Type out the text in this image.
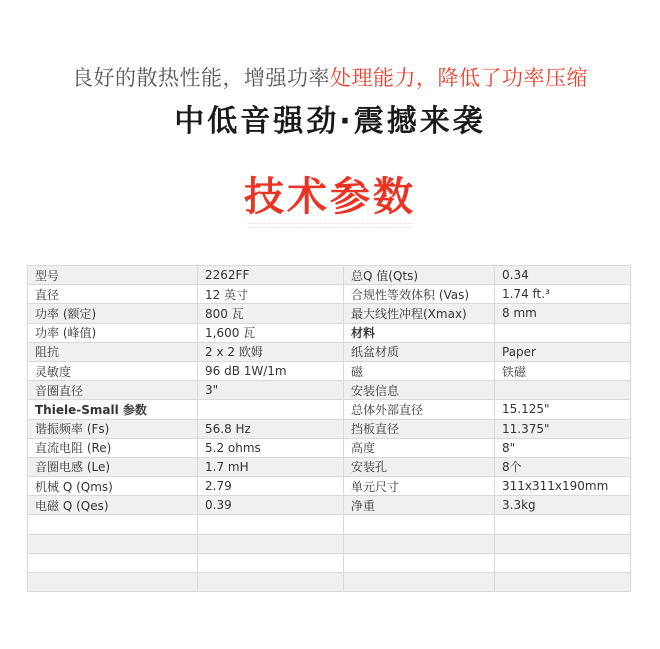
良好的散热性能，增强功率处理能力，降低了功率压缩
中低音强劲·震撼来袭
技术参数
··································································································································
··································································································································
型号	2262FF	总Q 值(Qts)	0.34
直径	12 英寸	合规性等效体积 (Vas)	1.74 ft.³
功率 (额定)	800 瓦	最大线性冲程(Xmax)	8 mm
功率 (峰值)	1,600 瓦	材料	
阻抗	2 x 2 欧姆	纸盆材质	Paper
灵敏度	96 dB 1W/1m	磁	铁磁
音圈直径	3"	安装信息	
Thiele-Small 参数		总体外部直径	15.125"
谐振频率 (Fs)	56.8 Hz	挡板直径	11.375"
直流电阻 (Re)	5.2 ohms	高度	8"
音圈电感 (Le)	1.7 mH	安装孔	8个
机械 Q (Qms)	2.79	单元尺寸	311x311x190mm
电磁 Q (Qes)	0.39	净重	3.3kg
